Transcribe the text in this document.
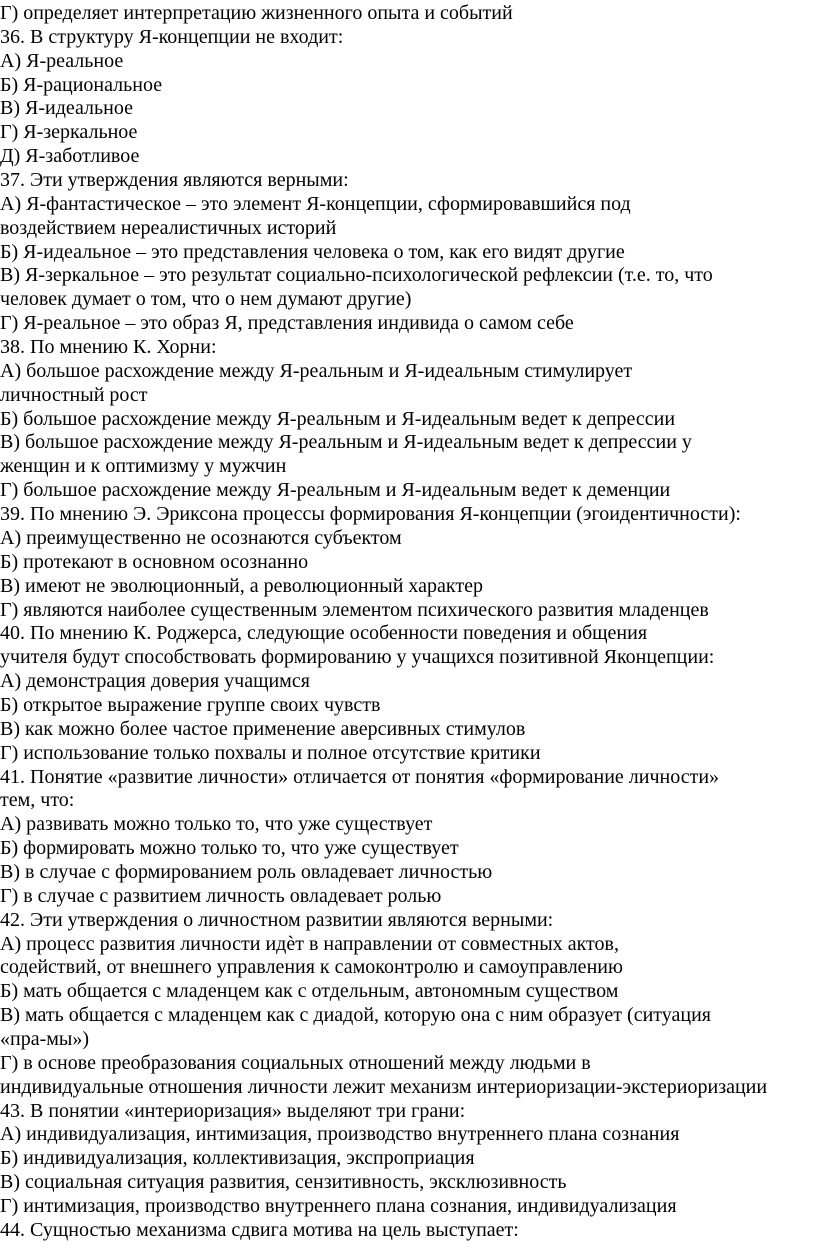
Г) определяет интерпретацию жизненного опыта и событий
36. В структуру Я-концепции не входит:
А) Я-реальное
Б) Я-рациональное
В) Я-идеальное
Г) Я-зеркальное
Д) Я-заботливое
37. Эти утверждения являются верными:
А) Я-фантастическое – это элемент Я-концепции, сформировавшийся под
воздействием нереалистичных историй
Б) Я-идеальное – это представления человека о том, как его видят другие
В) Я-зеркальное – это результат социально-психологической рефлексии (т.е. то, что
человек думает о том, что о нем думают другие)
Г) Я-реальное – это образ Я, представления индивида о самом себе
38. По мнению К. Хорни:
А) большое расхождение между Я-реальным и Я-идеальным стимулирует
личностный рост
Б) большое расхождение между Я-реальным и Я-идеальным ведет к депрессии
В) большое расхождение между Я-реальным и Я-идеальным ведет к депрессии у
женщин и к оптимизму у мужчин
Г) большое расхождение между Я-реальным и Я-идеальным ведет к деменции
39. По мнению Э. Эриксона процессы формирования Я-концепции (эгоидентичности):
А) преимущественно не осознаются субъектом
Б) протекают в основном осознанно
В) имеют не эволюционный, а революционный характер
Г) являются наиболее существенным элементом психического развития младенцев
40. По мнению К. Роджерса, следующие особенности поведения и общения
учителя будут способствовать формированию у учащихся позитивной Яконцепции:
А) демонстрация доверия учащимся
Б) открытое выражение группе своих чувств
В) как можно более частое применение аверсивных стимулов
Г) использование только похвалы и полное отсутствие критики
41. Понятие «развитие личности» отличается от понятия «формирование личности»
тем, что:
А) развивать можно только то, что уже существует
Б) формировать можно только то, что уже существует
В) в случае с формированием роль овладевает личностью
Г) в случае с развитием личность овладевает ролью
42. Эти утверждения о личностном развитии являются верными:
А) процесс развития личности идѐт в направлении от совместных актов,
содействий, от внешнего управления к самоконтролю и самоуправлению
Б) мать общается с младенцем как с отдельным, автономным существом
В) мать общается с младенцем как с диадой, которую она с ним образует (ситуация
«пра-мы»)
Г) в основе преобразования социальных отношений между людьми в
индивидуальные отношения личности лежит механизм интериоризации-экстериоризации
43. В понятии «интериоризация» выделяют три грани:
А) индивидуализация, интимизация, производство внутреннего плана сознания
Б) индивидуализация, коллективизация, экспроприация
В) социальная ситуация развития, сензитивность, эксклюзивность
Г) интимизация, производство внутреннего плана сознания, индивидуализация
44. Сущностью механизма сдвига мотива на цель выступает:
